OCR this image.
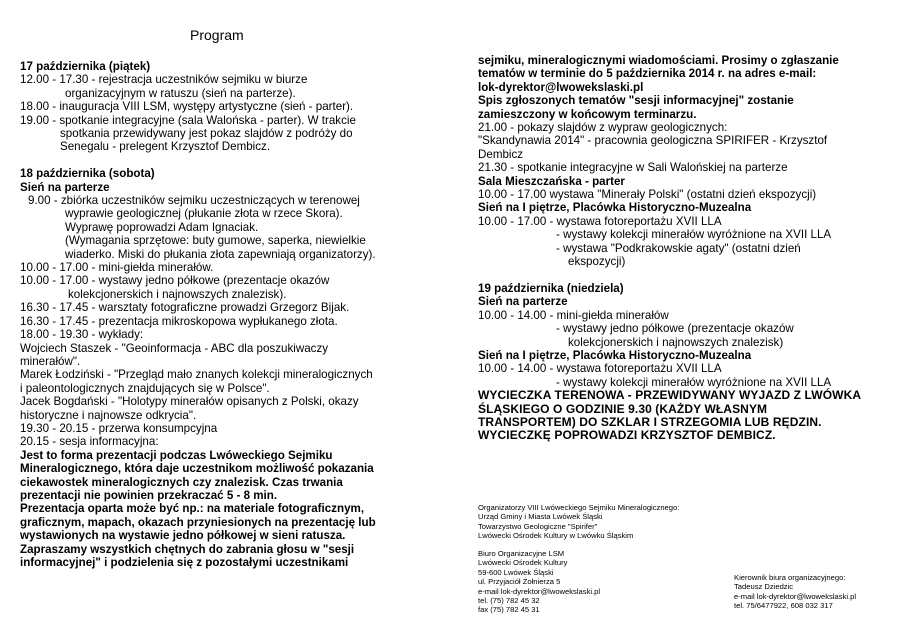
Program
17 października (piątek)
12.00 - 17.30 - rejestracja uczestników sejmiku w biurze
organizacyjnym w ratuszu (sień na parterze).
18.00 - inauguracja VIII LSM, występy artystyczne (sień - parter).
19.00 - spotkanie integracyjne (sala Walońska - parter). W trakcie
spotkania przewidywany jest pokaz slajdów z podróży do
Senegalu - prelegent Krzysztof Dembicz.
18 października (sobota)
Sień na parterze
9.00 - zbiórka uczestników sejmiku uczestniczących w terenowej
wyprawie geologicznej (płukanie złota w rzece Skora).
Wyprawę poprowadzi Adam Ignaciak.
(Wymagania sprzętowe: buty gumowe, saperka, niewielkie
wiaderko. Miski do płukania złota zapewniają organizatorzy).
10.00 - 17.00 - mini-giełda minerałów.
10.00 - 17.00 - wystawy jedno półkowe (prezentacje okazów
kolekcjonerskich i najnowszych znalezisk).
16.30 - 17.45 - warsztaty fotograficzne prowadzi Grzegorz Bijak.
16.30 - 17.45 - prezentacja mikroskopowa wypłukanego złota.
18.00 - 19.30 - wykłady:
Wojciech Staszek - "Geoinformacja - ABC dla poszukiwaczy
minerałów".
Marek Łodziński - "Przegląd mało znanych kolekcji mineralogicznych
i paleontologicznych znajdujących się w Polsce".
Jacek Bogdański - "Holotypy minerałów opisanych z Polski, okazy
historyczne i najnowsze odkrycia".
19.30 - 20.15 - przerwa konsumpcyjna
20.15 - sesja informacyjna:
Jest to forma prezentacji podczas Lwóweckiego Sejmiku
Mineralogicznego, która daje uczestnikom możliwość pokazania
ciekawostek mineralogicznych czy znalezisk. Czas trwania
prezentacji nie powinien przekraczać 5 - 8 min.
Prezentacja oparta może być np.: na materiale fotograficznym,
graficznym, mapach, okazach przyniesionych na prezentację lub
wystawionych na wystawie jedno półkowej w sieni ratusza.
Zapraszamy wszystkich chętnych do zabrania głosu w "sesji
informacyjnej" i podzielenia się z pozostałymi uczestnikami
sejmiku, mineralogicznymi wiadomościami. Prosimy o zgłaszanie
tematów w terminie do 5 października 2014 r. na adres e-mail:
lok-dyrektor@lwowekslaski.pl
Spis zgłoszonych tematów "sesji informacyjnej" zostanie
zamieszczony w końcowym terminarzu.
21.00 - pokazy slajdów z wypraw geologicznych:
"Skandynawia 2014" - pracownia geologiczna SPIRIFER - Krzysztof
Dembicz
21.30 - spotkanie integracyjne w Sali Walońskiej na parterze
Sala Mieszczańska - parter
10.00 - 17.00 wystawa "Minerały Polski" (ostatni dzień ekspozycji)
Sień na I piętrze, Placówka Historyczno-Muzealna
10.00 - 17.00 - wystawa fotoreportażu XVII LLA
- wystawy kolekcji minerałów wyróżnione na XVII LLA
- wystawa "Podkrakowskie agaty" (ostatni dzień
ekspozycji)
19 października (niedziela)
Sień na parterze
10.00 - 14.00 - mini-giełda minerałów
- wystawy jedno półkowe (prezentacje okazów
kolekcjonerskich i najnowszych znalezisk)
Sień na I piętrze, Placówka Historyczno-Muzealna
10.00 - 14.00 - wystawa fotoreportażu XVII LLA
- wystawy kolekcji minerałów wyróżnione na XVII LLA
WYCIECZKA TERENOWA - PRZEWIDYWANY WYJAZD Z LWÓWKA
ŚLĄSKIEGO O GODZINIE 9.30 (KAŻDY WŁASNYM
TRANSPORTEM) DO SZKLAR I STRZEGOMIA LUB RĘDZIN.
WYCIECZKĘ POPROWADZI KRZYSZTOF DEMBICZ.
Organizatorzy VIII Lwóweckiego Sejmiku Mineralogicznego:
Urząd Gminy i Miasta Lwówek Śląski
Towarzystwo Geologiczne "Spirifer"
Lwówecki Ośrodek Kultury w Lwówku Śląskim
Biuro Organizacyjne LSM
Lwówecki Ośrodek Kultury
59-600 Lwówek Śląski
ul. Przyjaciół Żołnierza 5
e-mail lok-dyrektor@lwowekslaski.pl
tel. (75) 782 45 32
fax (75) 782 45 31
Kierownik biura organizacyjnego:
Tadeusz Dziedzic
e-mail lok-dyrektor@lwowekslaski.pl
tel. 75/6477922, 608 032 317
